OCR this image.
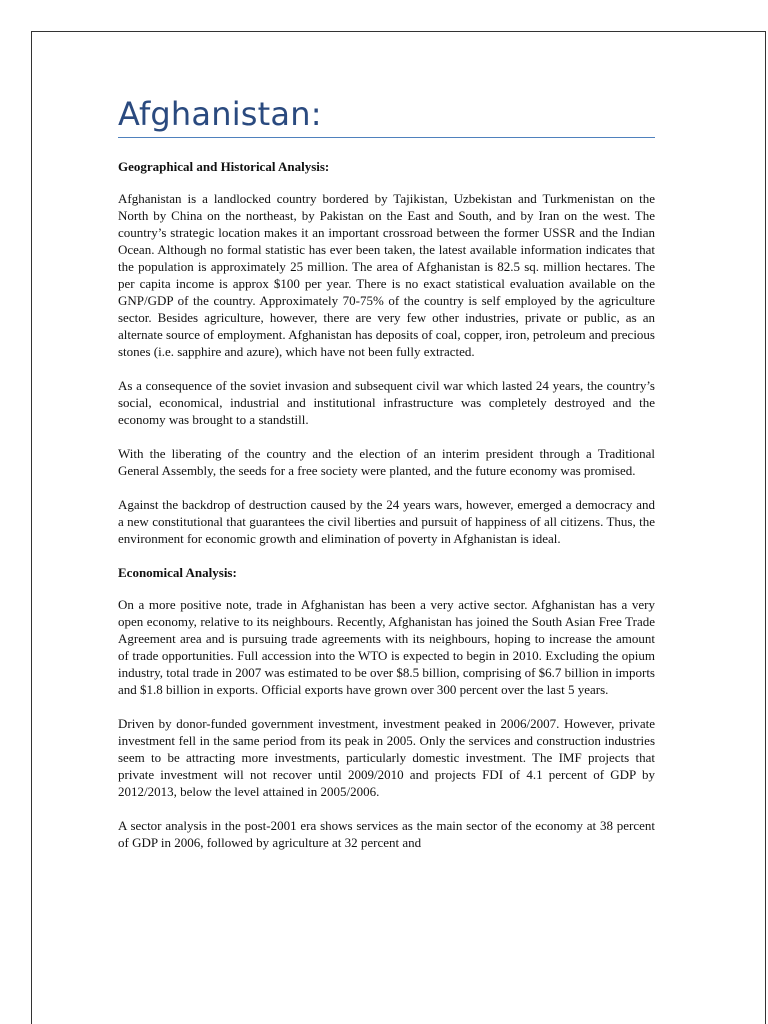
Afghanistan:

Geographical and Historical Analysis:

Afghanistan is a landlocked country bordered by Tajikistan, Uzbekistan and Turkmenistan on the North by China on the northeast, by Pakistan on the East and South, and by Iran on the west. The country’s strategic location makes it an important crossroad between the former USSR and the Indian Ocean. Although no formal statistic has ever been taken, the latest available information indicates that the population is approximately 25 million. The area of Afghanistan is 82.5 sq. million hectares. The per capita income is approx $100 per year. There is no exact statistical evaluation available on the GNP/GDP of the country. Approximately 70-75% of the country is self employed by the agriculture sector. Besides agriculture, however, there are very few other industries, private or public, as an alternate source of employment. Afghanistan has deposits of coal, copper, iron, petroleum and precious stones (i.e. sapphire and azure), which have not been fully extracted.

As a consequence of the soviet invasion and subsequent civil war which lasted 24 years, the country’s social, economical, industrial and institutional infrastructure was completely destroyed and the economy was brought to a standstill.

With the liberating of the country and the election of an interim president through a Traditional General Assembly, the seeds for a free society were planted, and the future economy was promised.

Against the backdrop of destruction caused by the 24 years wars, however, emerged a democracy and a new constitutional that guarantees the civil liberties and pursuit of happiness of all citizens. Thus, the environment for economic growth and elimination of poverty in Afghanistan is ideal.

Economical Analysis:

On a more positive note, trade in Afghanistan has been a very active sector. Afghanistan has a very open economy, relative to its neighbours. Recently, Afghanistan has joined the South Asian Free Trade Agreement area and is pursuing trade agreements with its neighbours, hoping to increase the amount of trade opportunities. Full accession into the WTO is expected to begin in 2010. Excluding the opium industry, total trade in 2007 was estimated to be over $8.5 billion, comprising of $6.7 billion in imports and $1.8 billion in exports. Official exports have grown over 300 percent over the last 5 years.

Driven by donor-funded government investment, investment peaked in 2006/2007. However, private investment fell in the same period from its peak in 2005. Only the services and construction industries seem to be attracting more investments, particularly domestic investment. The IMF projects that private investment will not recover until 2009/2010 and projects FDI of 4.1 percent of GDP by 2012/2013, below the level attained in 2005/2006.

A sector analysis in the post-2001 era shows services as the main sector of the economy at 38 percent of GDP in 2006, followed by agriculture at 32 percent and
